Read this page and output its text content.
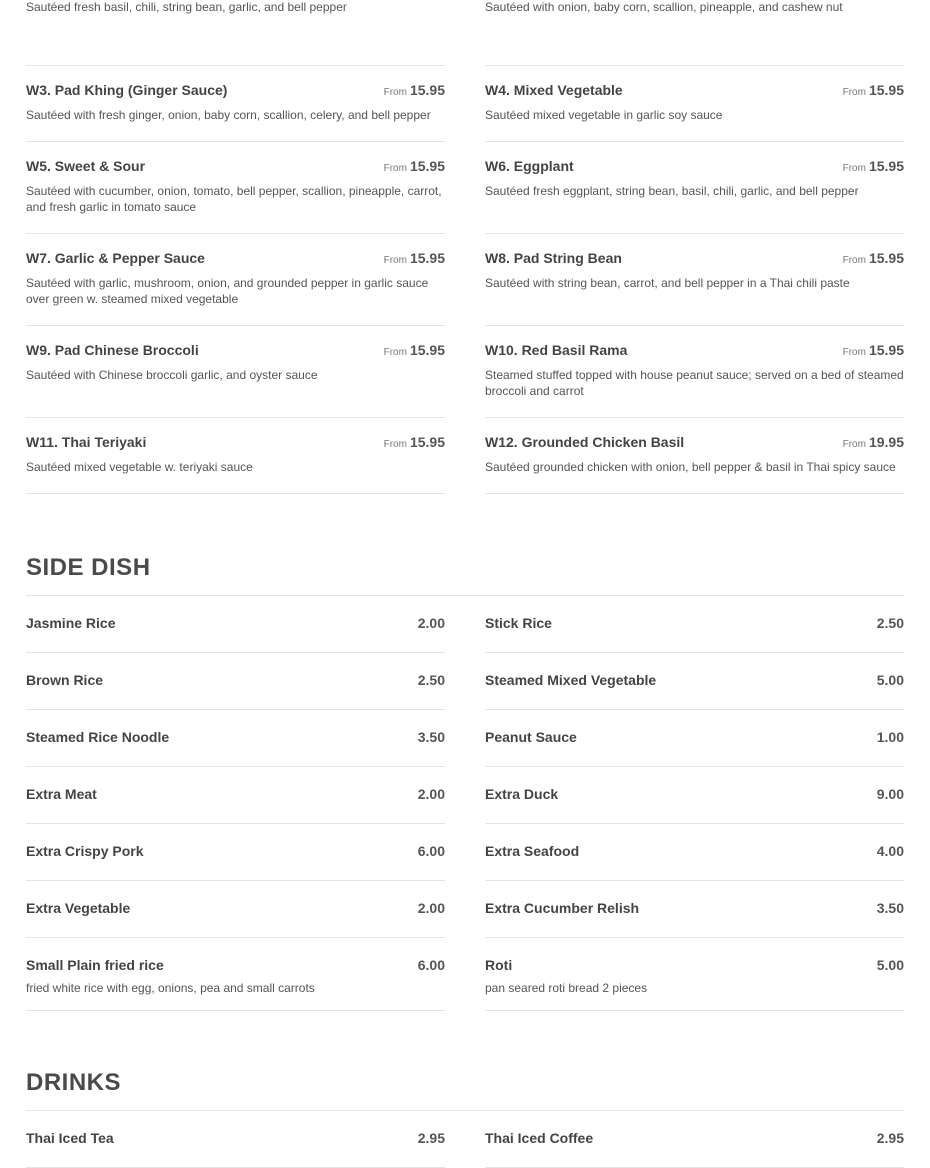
Sautéed fresh basil, chili, string bean, garlic, and bell pepper	Sautéed with onion, baby corn, scallion, pineapple, and cashew nut
W3. Pad Khing (Ginger Sauce)	From 15.95
Sautéed with fresh ginger, onion, baby corn, scallion, celery, and bell pepper
W4. Mixed Vegetable	From 15.95
Sautéed mixed vegetable in garlic soy sauce
W5. Sweet & Sour	From 15.95
Sautéed with cucumber, onion, tomato, bell pepper, scallion, pineapple, carrot, and fresh garlic in tomato sauce
W6. Eggplant	From 15.95
Sautéed fresh eggplant, string bean, basil, chili, garlic, and bell pepper
W7. Garlic & Pepper Sauce	From 15.95
Sautéed with garlic, mushroom, onion, and grounded pepper in garlic sauce over green w. steamed mixed vegetable
W8. Pad String Bean	From 15.95
Sautéed with string bean, carrot, and bell pepper in a Thai chili paste
W9. Pad Chinese Broccoli	From 15.95
Sautéed with Chinese broccoli garlic, and oyster sauce
W10. Red Basil Rama	From 15.95
Steamed stuffed topped with house peanut sauce; served on a bed of steamed broccoli and carrot
W11. Thai Teriyaki	From 15.95
Sautéed mixed vegetable w. teriyaki sauce
W12. Grounded Chicken Basil	From 19.95
Sautéed grounded chicken with onion, bell pepper & basil in Thai spicy sauce
SIDE DISH
Jasmine Rice	2.00	Stick Rice	2.50
Brown Rice	2.50	Steamed Mixed Vegetable	5.00
Steamed Rice Noodle	3.50	Peanut Sauce	1.00
Extra Meat	2.00	Extra Duck	9.00
Extra Crispy Pork	6.00	Extra Seafood	4.00
Extra Vegetable	2.00	Extra Cucumber Relish	3.50
Small Plain fried rice	6.00
fried white rice with egg, onions, pea and small carrots
Roti	5.00
pan seared roti bread 2 pieces
DRINKS
Thai Iced Tea	2.95	Thai Iced Coffee	2.95
